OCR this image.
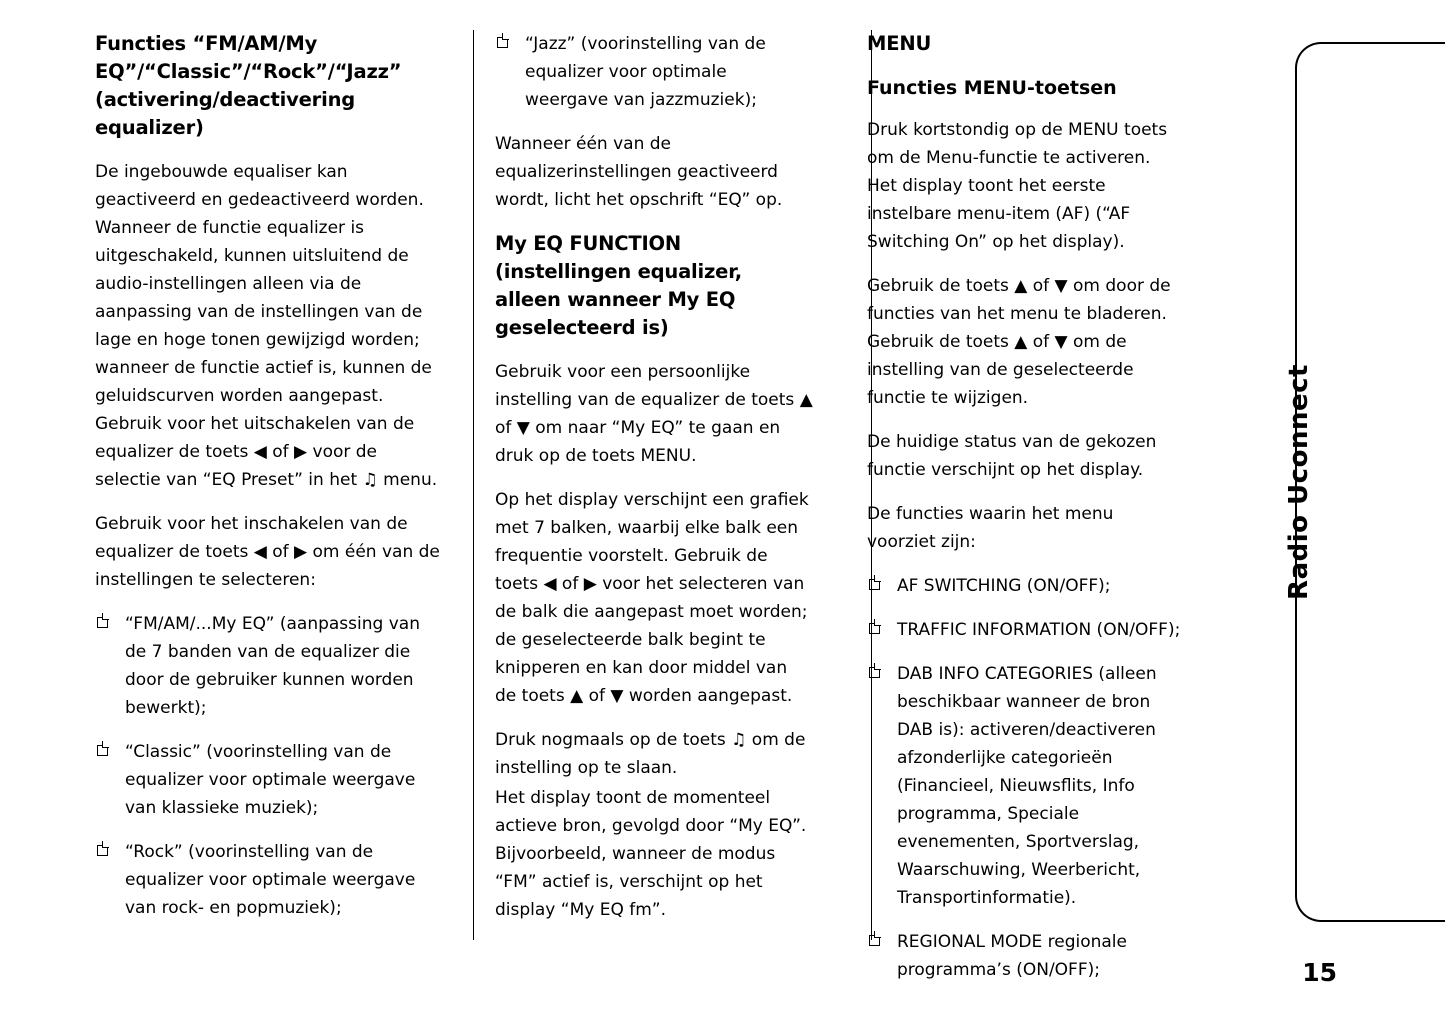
Functies “FM/AM/My EQ”/“Classic”/“Rock”/“Jazz” (activering/deactivering equalizer)

De ingebouwde equaliser kan geactiveerd en gedeactiveerd worden. Wanneer de functie equalizer is uitgeschakeld, kunnen uitsluitend de audio-instellingen alleen via de aanpassing van de instellingen van de lage en hoge tonen gewijzigd worden; wanneer de functie actief is, kunnen de geluidscurven worden aangepast. Gebruik voor het uitschakelen van de equalizer de toets ◀ of ▶ voor de selectie van “EQ Preset” in het ♫ menu.

Gebruik voor het inschakelen van de equalizer de toets ◀ of ▶ om één van de instellingen te selecteren:

“FM/AM/...My EQ” (aanpassing van de 7 banden van de equalizer die door de gebruiker kunnen worden bewerkt);
“Classic” (voorinstelling van de equalizer voor optimale weergave van klassieke muziek);
“Rock” (voorinstelling van de equalizer voor optimale weergave van rock- en popmuziek);
“Jazz” (voorinstelling van de equalizer voor optimale weergave van jazzmuziek);

Wanneer één van de equalizerinstellingen geactiveerd wordt, licht het opschrift “EQ” op.

My EQ FUNCTION (instellingen equalizer, alleen wanneer My EQ geselecteerd is)

Gebruik voor een persoonlijke instelling van de equalizer de toets ▲ of ▼ om naar “My EQ” te gaan en druk op de toets MENU.

Op het display verschijnt een grafiek met 7 balken, waarbij elke balk een frequentie voorstelt. Gebruik de toets ◀ of ▶ voor het selecteren van de balk die aangepast moet worden; de geselecteerde balk begint te knipperen en kan door middel van de toets ▲ of ▼ worden aangepast.

Druk nogmaals op de toets ♫ om de instelling op te slaan.

Het display toont de momenteel actieve bron, gevolgd door “My EQ”. Bijvoorbeeld, wanneer de modus “FM” actief is, verschijnt op het display “My EQ fm”.

MENU
Functies MENU-toetsen

Druk kortstondig op de MENU toets om de Menu-functie te activeren. Het display toont het eerste instelbare menu-item (AF) (“AF Switching On” op het display).

Gebruik de toets ▲ of ▼ om door de functies van het menu te bladeren. Gebruik de toets ▲ of ▼ om de instelling van de geselecteerde functie te wijzigen.

De huidige status van de gekozen functie verschijnt op het display.

De functies waarin het menu voorziet zijn:

AF SWITCHING (ON/OFF);
TRAFFIC INFORMATION (ON/OFF);
DAB INFO CATEGORIES (alleen beschikbaar wanneer de bron DAB is): activeren/deactiveren afzonderlijke categorieën (Financieel, Nieuwsflits, Info programma, Speciale evenementen, Sportverslag, Waarschuwing, Weerbericht, Transportinformatie).
REGIONAL MODE regionale programma’s (ON/OFF);
Radio Uconnect
15
